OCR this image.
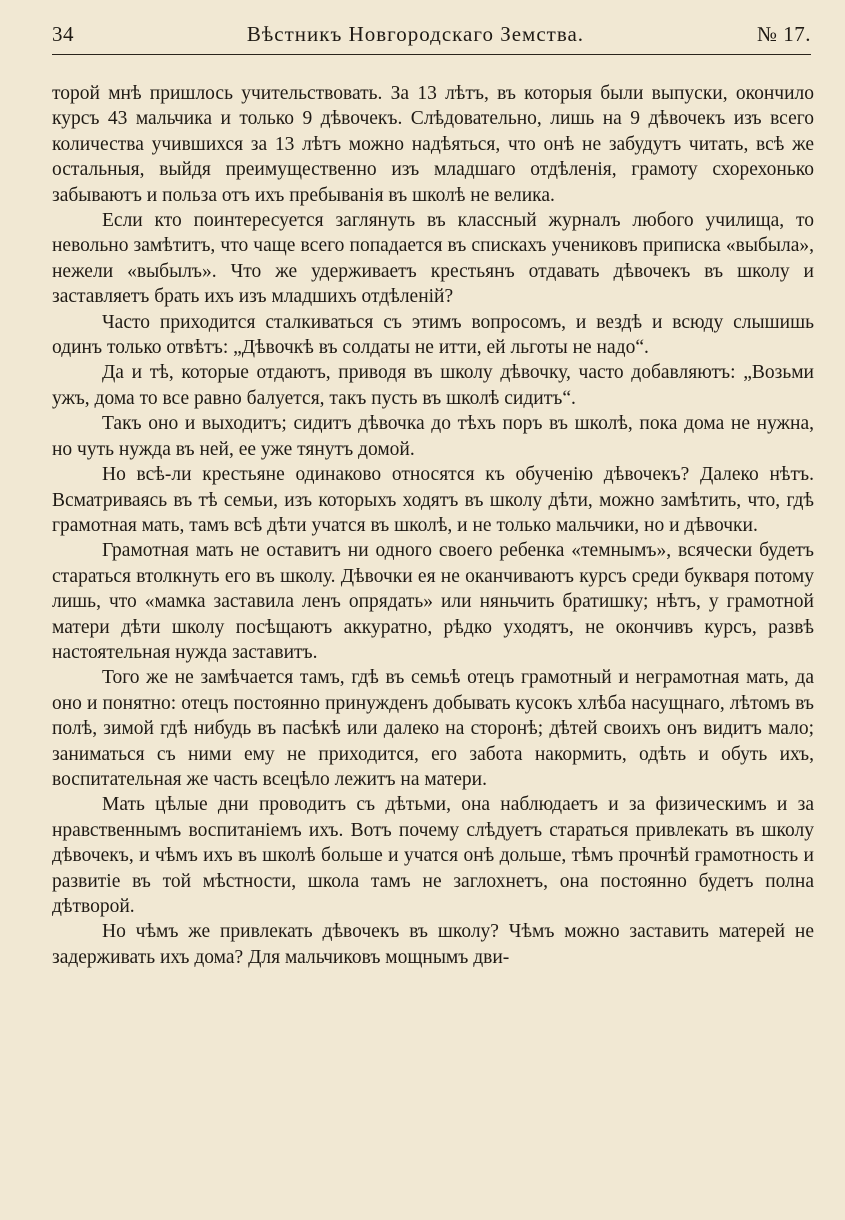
34	Вѣстникъ Новгородскаго Земства.	№ 17.

торой мнѣ пришлось учительствовать. За 13 лѣтъ, въ которыя были выпуски, окончило курсъ 43 мальчика и только 9 дѣвочекъ. Слѣдовательно, лишь на 9 дѣвочекъ изъ всего количества учившихся за 13 лѣтъ можно надѣяться, что онѣ не забудутъ читать, всѣ же остальныя, выйдя преимущественно изъ младшаго отдѣленія, грамоту схорехонько забываютъ и польза отъ ихъ пребыванія въ школѣ не велика.

Если кто поинтересуется заглянуть въ классный журналъ любого училища, то невольно замѣтитъ, что чаще всего попадается въ спискахъ учениковъ приписка «выбыла», нежели «выбылъ». Что же удерживаетъ крестьянъ отдавать дѣвочекъ въ школу и заставляетъ брать ихъ изъ младшихъ отдѣленій?

Часто приходится сталкиваться съ этимъ вопросомъ, и вездѣ и всюду слышишь одинъ только отвѣтъ: „Дѣвочкѣ въ солдаты не итти, ей льготы не надо“.

Да и тѣ, которые отдаютъ, приводя въ школу дѣвочку, часто добавляютъ: „Возьми ужъ, дома то все равно балуется, такъ пусть въ школѣ сидитъ“.

Такъ оно и выходитъ; сидитъ дѣвочка до тѣхъ поръ въ школѣ, пока дома не нужна, но чуть нужда въ ней, ее уже тянутъ домой.

Но всѣ-ли крестьяне одинаково относятся къ обученію дѣвочекъ? Далеко нѣтъ. Всматриваясь въ тѣ семьи, изъ которыхъ ходятъ въ школу дѣти, можно замѣтить, что, гдѣ грамотная мать, тамъ всѣ дѣти учатся въ школѣ, и не только мальчики, но и дѣвочки.

Грамотная мать не оставитъ ни одного своего ребенка «темнымъ», всячески будетъ стараться втолкнуть его въ школу. Дѣвочки ея не оканчиваютъ курсъ среди букваря потому лишь, что «мамка заставила ленъ опрядать» или няньчить братишку; нѣтъ, у грамотной матери дѣти школу посѣщаютъ аккуратно, рѣдко уходятъ, не окончивъ курсъ, развѣ настоятельная нужда заставитъ.

Того же не замѣчается тамъ, гдѣ въ семьѣ отецъ грамотный и неграмотная мать, да оно и понятно: отецъ постоянно принужденъ добывать кусокъ хлѣба насущнаго, лѣтомъ въ полѣ, зимой гдѣ нибудь въ пасѣкѣ или далеко на сторонѣ; дѣтей своихъ онъ видитъ мало; заниматься съ ними ему не приходится, его забота накормить, одѣть и обуть ихъ, воспитательная же часть всецѣло лежитъ на матери.

Мать цѣлые дни проводитъ съ дѣтьми, она наблюдаетъ и за физическимъ и за нравственнымъ воспитаніемъ ихъ. Вотъ почему слѣдуетъ стараться привлекать въ школу дѣвочекъ, и чѣмъ ихъ въ школѣ больше и учатся онѣ дольше, тѣмъ прочнѣй грамотность и развитіе въ той мѣстности, школа тамъ не заглохнетъ, она постоянно будетъ полна дѣтворой.

Но чѣмъ же привлекать дѣвочекъ въ школу? Чѣмъ можно заставить матерей не задерживать ихъ дома? Для мальчиковъ мощнымъ дви-
